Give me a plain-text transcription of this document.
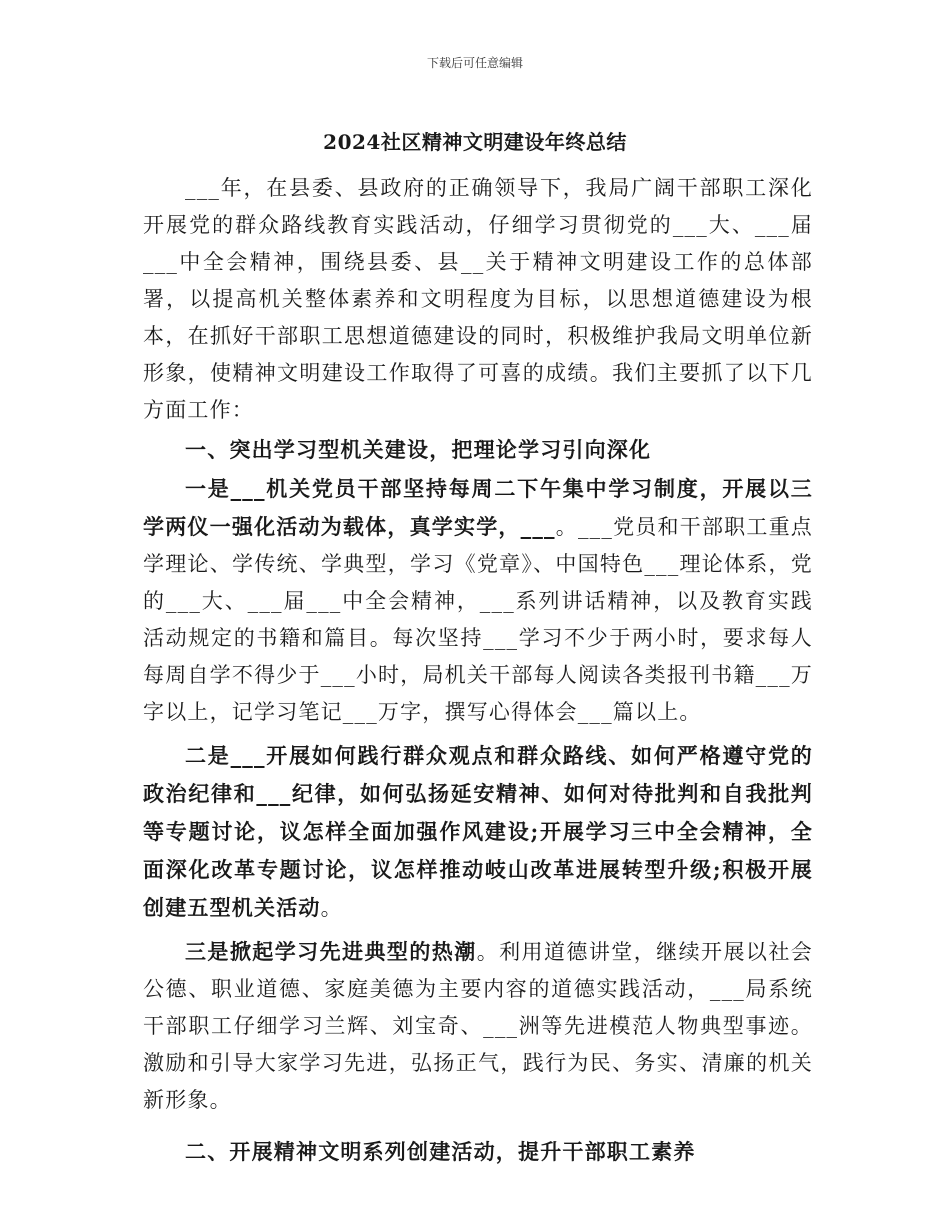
下载后可任意编辑
2024社区精神文明建设年终总结

___年，在县委、县政府的正确领导下，我局广阔干部职工深化开展党的群众路线教育实践活动，仔细学习贯彻党的___大、___届___中全会精神，围绕县委、县__关于精神文明建设工作的总体部署，以提高机关整体素养和文明程度为目标，以思想道德建设为根本，在抓好干部职工思想道德建设的同时，积极维护我局文明单位新形象，使精神文明建设工作取得了可喜的成绩。我们主要抓了以下几方面工作：

一、突出学习型机关建设，把理论学习引向深化

一是___机关党员干部坚持每周二下午集中学习制度，开展以三学两仪一强化活动为载体，真学实学，___。___党员和干部职工重点学理论、学传统、学典型，学习《党章》、中国特色___理论体系，党的___大、___届___中全会精神，___系列讲话精神，以及教育实践活动规定的书籍和篇目。每次坚持___学习不少于两小时，要求每人每周自学不得少于___小时，局机关干部每人阅读各类报刊书籍___万字以上，记学习笔记___万字，撰写心得体会___篇以上。

二是___开展如何践行群众观点和群众路线、如何严格遵守党的政治纪律和___纪律，如何弘扬延安精神、如何对待批判和自我批判等专题讨论，议怎样全面加强作风建设;开展学习三中全会精神，全面深化改革专题讨论，议怎样推动岐山改革进展转型升级;积极开展创建五型机关活动。

三是掀起学习先进典型的热潮。利用道德讲堂，继续开展以社会公德、职业道德、家庭美德为主要内容的道德实践活动，___局系统干部职工仔细学习兰辉、刘宝奇、___洲等先进模范人物典型事迹。激励和引导大家学习先进，弘扬正气，践行为民、务实、清廉的机关新形象。

二、开展精神文明系列创建活动，提升干部职工素养
